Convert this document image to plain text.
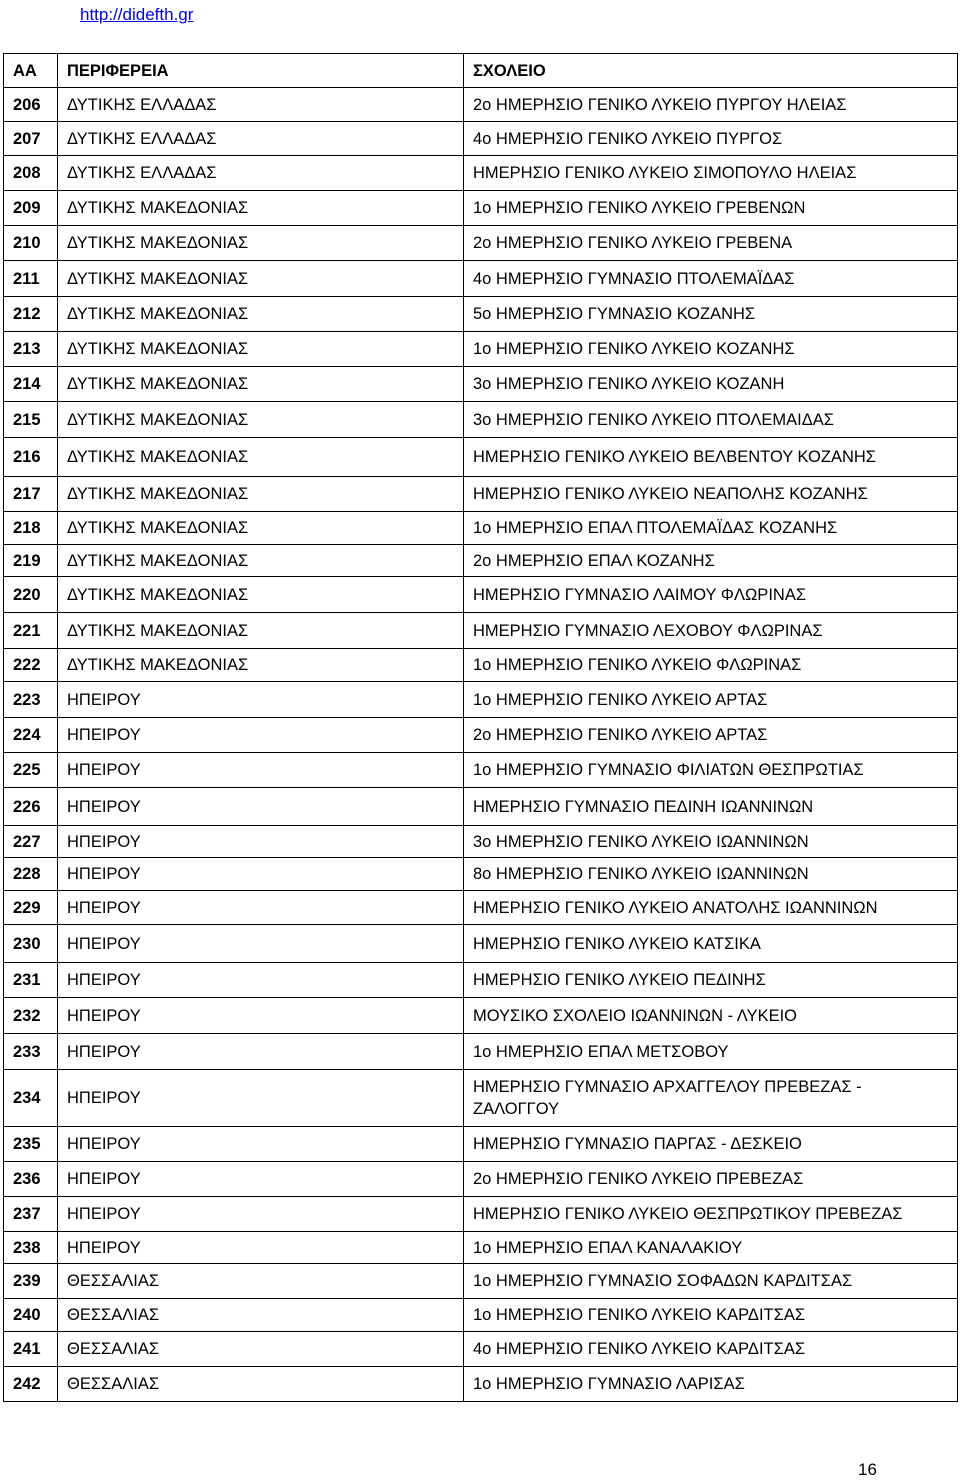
http://didefth.gr
ΑΑ	ΠΕΡΙΦΕΡΕΙΑ	ΣΧΟΛΕΙΟ
206	ΔΥΤΙΚΗΣ ΕΛΛΑΔΑΣ	2ο ΗΜΕΡΗΣΙΟ ΓΕΝΙΚΟ ΛΥΚΕΙΟ ΠΥΡΓΟΥ ΗΛΕΙΑΣ
207	ΔΥΤΙΚΗΣ ΕΛΛΑΔΑΣ	4ο ΗΜΕΡΗΣΙΟ ΓΕΝΙΚΟ ΛΥΚΕΙΟ ΠΥΡΓΟΣ
208	ΔΥΤΙΚΗΣ ΕΛΛΑΔΑΣ	ΗΜΕΡΗΣΙΟ ΓΕΝΙΚΟ ΛΥΚΕΙΟ ΣΙΜΟΠΟΥΛΟ ΗΛΕΙΑΣ
209	ΔΥΤΙΚΗΣ ΜΑΚΕΔΟΝΙΑΣ	1ο ΗΜΕΡΗΣΙΟ ΓΕΝΙΚΟ ΛΥΚΕΙΟ ΓΡΕΒΕΝΩΝ
210	ΔΥΤΙΚΗΣ ΜΑΚΕΔΟΝΙΑΣ	2ο ΗΜΕΡΗΣΙΟ ΓΕΝΙΚΟ ΛΥΚΕΙΟ ΓΡΕΒΕΝΑ
211	ΔΥΤΙΚΗΣ ΜΑΚΕΔΟΝΙΑΣ	4ο ΗΜΕΡΗΣΙΟ ΓΥΜΝΑΣΙΟ ΠΤΟΛΕΜΑΪΔΑΣ
212	ΔΥΤΙΚΗΣ ΜΑΚΕΔΟΝΙΑΣ	5ο ΗΜΕΡΗΣΙΟ ΓΥΜΝΑΣΙΟ ΚΟΖΑΝΗΣ
213	ΔΥΤΙΚΗΣ ΜΑΚΕΔΟΝΙΑΣ	1ο ΗΜΕΡΗΣΙΟ ΓΕΝΙΚΟ ΛΥΚΕΙΟ ΚΟΖΑΝΗΣ
214	ΔΥΤΙΚΗΣ ΜΑΚΕΔΟΝΙΑΣ	3ο ΗΜΕΡΗΣΙΟ ΓΕΝΙΚΟ ΛΥΚΕΙΟ ΚΟΖΑΝΗ
215	ΔΥΤΙΚΗΣ ΜΑΚΕΔΟΝΙΑΣ	3ο ΗΜΕΡΗΣΙΟ ΓΕΝΙΚΟ ΛΥΚΕΙΟ ΠΤΟΛΕΜΑΙΔΑΣ
216	ΔΥΤΙΚΗΣ ΜΑΚΕΔΟΝΙΑΣ	ΗΜΕΡΗΣΙΟ ΓΕΝΙΚΟ ΛΥΚΕΙΟ ΒΕΛΒΕΝΤΟΥ ΚΟΖΑΝΗΣ
217	ΔΥΤΙΚΗΣ ΜΑΚΕΔΟΝΙΑΣ	ΗΜΕΡΗΣΙΟ ΓΕΝΙΚΟ ΛΥΚΕΙΟ ΝΕΑΠΟΛΗΣ ΚΟΖΑΝΗΣ
218	ΔΥΤΙΚΗΣ ΜΑΚΕΔΟΝΙΑΣ	1ο ΗΜΕΡΗΣΙΟ ΕΠΑΛ ΠΤΟΛΕΜΑΪΔΑΣ ΚΟΖΑΝΗΣ
219	ΔΥΤΙΚΗΣ ΜΑΚΕΔΟΝΙΑΣ	2ο ΗΜΕΡΗΣΙΟ ΕΠΑΛ ΚΟΖΑΝΗΣ
220	ΔΥΤΙΚΗΣ ΜΑΚΕΔΟΝΙΑΣ	ΗΜΕΡΗΣΙΟ ΓΥΜΝΑΣΙΟ ΛΑΙΜΟΥ ΦΛΩΡΙΝΑΣ
221	ΔΥΤΙΚΗΣ ΜΑΚΕΔΟΝΙΑΣ	ΗΜΕΡΗΣΙΟ ΓΥΜΝΑΣΙΟ ΛΕΧΟΒΟΥ ΦΛΩΡΙΝΑΣ
222	ΔΥΤΙΚΗΣ ΜΑΚΕΔΟΝΙΑΣ	1ο ΗΜΕΡΗΣΙΟ ΓΕΝΙΚΟ ΛΥΚΕΙΟ ΦΛΩΡΙΝΑΣ
223	ΗΠΕΙΡΟΥ	1ο ΗΜΕΡΗΣΙΟ ΓΕΝΙΚΟ ΛΥΚΕΙΟ ΑΡΤΑΣ
224	ΗΠΕΙΡΟΥ	2ο ΗΜΕΡΗΣΙΟ ΓΕΝΙΚΟ ΛΥΚΕΙΟ ΑΡΤΑΣ
225	ΗΠΕΙΡΟΥ	1ο ΗΜΕΡΗΣΙΟ ΓΥΜΝΑΣΙΟ ΦΙΛΙΑΤΩΝ ΘΕΣΠΡΩΤΙΑΣ
226	ΗΠΕΙΡΟΥ	ΗΜΕΡΗΣΙΟ ΓΥΜΝΑΣΙΟ ΠΕΔΙΝΗ ΙΩΑΝΝΙΝΩΝ
227	ΗΠΕΙΡΟΥ	3ο ΗΜΕΡΗΣΙΟ ΓΕΝΙΚΟ ΛΥΚΕΙΟ ΙΩΑΝΝΙΝΩΝ
228	ΗΠΕΙΡΟΥ	8ο ΗΜΕΡΗΣΙΟ ΓΕΝΙΚΟ ΛΥΚΕΙΟ ΙΩΑΝΝΙΝΩΝ
229	ΗΠΕΙΡΟΥ	ΗΜΕΡΗΣΙΟ ΓΕΝΙΚΟ ΛΥΚΕΙΟ ΑΝΑΤΟΛΗΣ ΙΩΑΝΝΙΝΩΝ
230	ΗΠΕΙΡΟΥ	ΗΜΕΡΗΣΙΟ ΓΕΝΙΚΟ ΛΥΚΕΙΟ ΚΑΤΣΙΚΑ
231	ΗΠΕΙΡΟΥ	ΗΜΕΡΗΣΙΟ ΓΕΝΙΚΟ ΛΥΚΕΙΟ ΠΕΔΙΝΗΣ
232	ΗΠΕΙΡΟΥ	ΜΟΥΣΙΚΟ ΣΧΟΛΕΙΟ ΙΩΑΝΝΙΝΩΝ - ΛΥΚΕΙΟ
233	ΗΠΕΙΡΟΥ	1ο ΗΜΕΡΗΣΙΟ ΕΠΑΛ ΜΕΤΣΟΒΟΥ
234	ΗΠΕΙΡΟΥ	ΗΜΕΡΗΣΙΟ ΓΥΜΝΑΣΙΟ ΑΡΧΑΓΓΕΛΟΥ ΠΡΕΒΕΖΑΣ - ΖΑΛΟΓΓΟΥ
235	ΗΠΕΙΡΟΥ	ΗΜΕΡΗΣΙΟ ΓΥΜΝΑΣΙΟ ΠΑΡΓΑΣ - ΔΕΣΚΕΙΟ
236	ΗΠΕΙΡΟΥ	2ο ΗΜΕΡΗΣΙΟ ΓΕΝΙΚΟ ΛΥΚΕΙΟ ΠΡΕΒΕΖΑΣ
237	ΗΠΕΙΡΟΥ	ΗΜΕΡΗΣΙΟ ΓΕΝΙΚΟ ΛΥΚΕΙΟ ΘΕΣΠΡΩΤΙΚΟΥ ΠΡΕΒΕΖΑΣ
238	ΗΠΕΙΡΟΥ	1ο ΗΜΕΡΗΣΙΟ ΕΠΑΛ ΚΑΝΑΛΑΚΙΟΥ
239	ΘΕΣΣΑΛΙΑΣ	1ο ΗΜΕΡΗΣΙΟ ΓΥΜΝΑΣΙΟ ΣΟΦΑΔΩΝ ΚΑΡΔΙΤΣΑΣ
240	ΘΕΣΣΑΛΙΑΣ	1ο ΗΜΕΡΗΣΙΟ ΓΕΝΙΚΟ ΛΥΚΕΙΟ ΚΑΡΔΙΤΣΑΣ
241	ΘΕΣΣΑΛΙΑΣ	4ο ΗΜΕΡΗΣΙΟ ΓΕΝΙΚΟ ΛΥΚΕΙΟ ΚΑΡΔΙΤΣΑΣ
242	ΘΕΣΣΑΛΙΑΣ	1ο ΗΜΕΡΗΣΙΟ ΓΥΜΝΑΣΙΟ ΛΑΡΙΣΑΣ
16
